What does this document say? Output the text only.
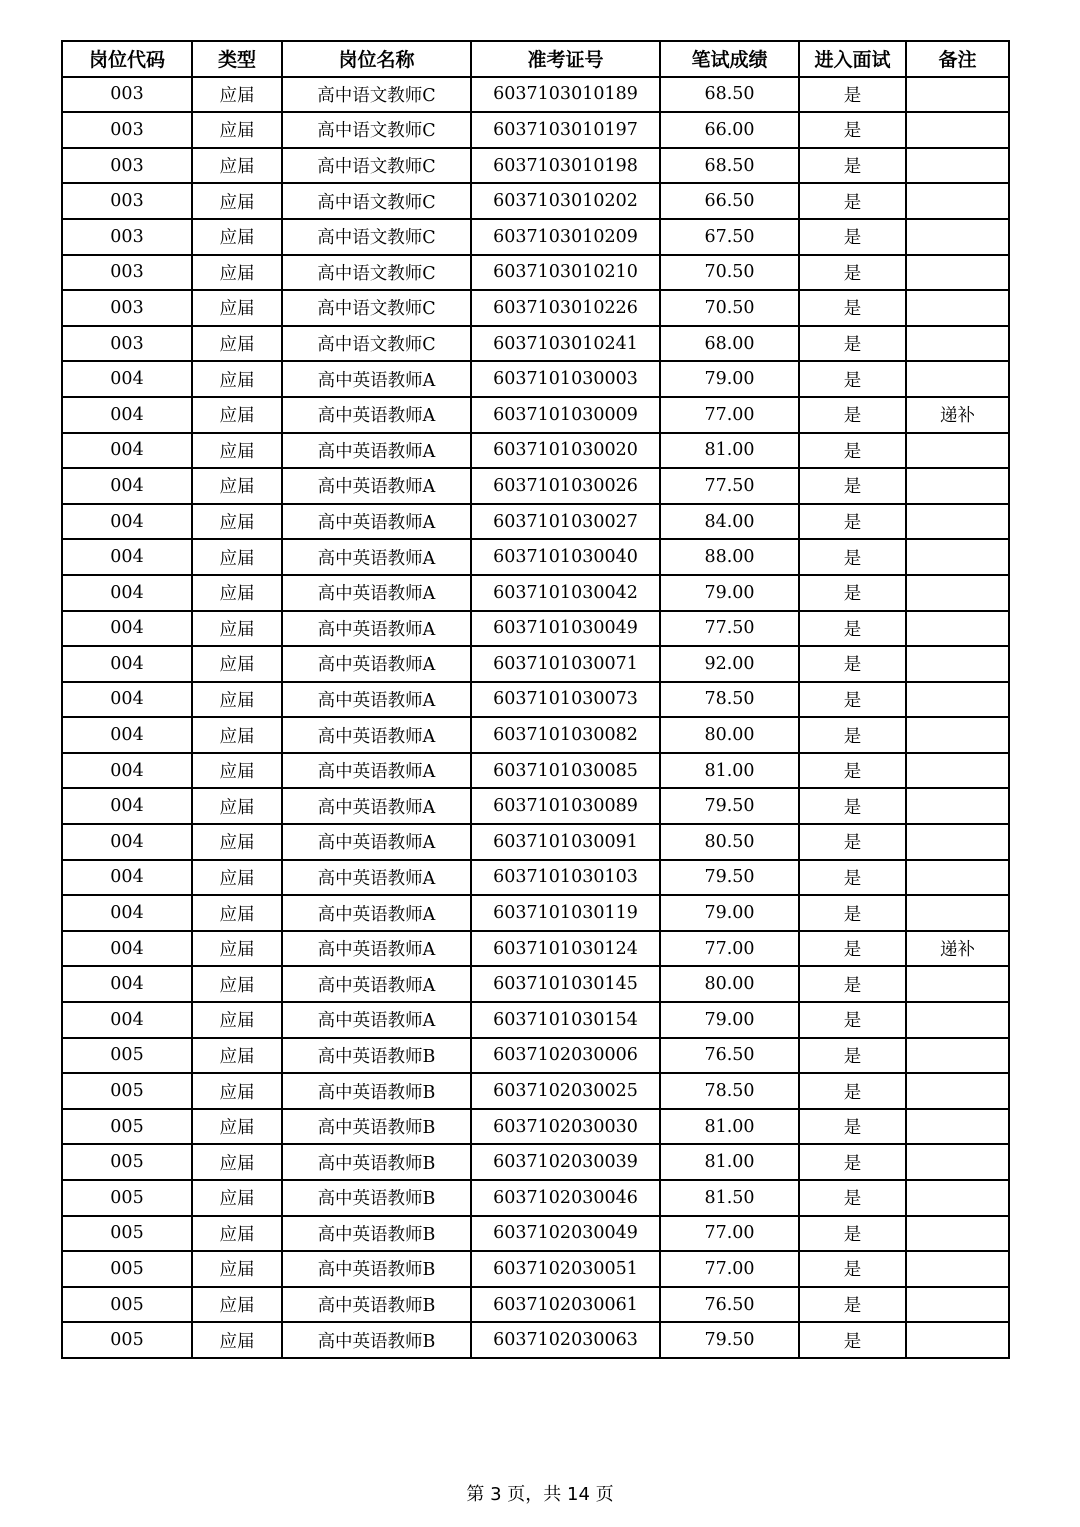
岗位代码	类型	岗位名称	准考证号	笔试成绩	进入面试	备注
003	应届	高中语文教师C	6037103010189	68.50	是	
003	应届	高中语文教师C	6037103010197	66.00	是	
003	应届	高中语文教师C	6037103010198	68.50	是	
003	应届	高中语文教师C	6037103010202	66.50	是	
003	应届	高中语文教师C	6037103010209	67.50	是	
003	应届	高中语文教师C	6037103010210	70.50	是	
003	应届	高中语文教师C	6037103010226	70.50	是	
003	应届	高中语文教师C	6037103010241	68.00	是	
004	应届	高中英语教师A	6037101030003	79.00	是	
004	应届	高中英语教师A	6037101030009	77.00	是	递补
004	应届	高中英语教师A	6037101030020	81.00	是	
004	应届	高中英语教师A	6037101030026	77.50	是	
004	应届	高中英语教师A	6037101030027	84.00	是	
004	应届	高中英语教师A	6037101030040	88.00	是	
004	应届	高中英语教师A	6037101030042	79.00	是	
004	应届	高中英语教师A	6037101030049	77.50	是	
004	应届	高中英语教师A	6037101030071	92.00	是	
004	应届	高中英语教师A	6037101030073	78.50	是	
004	应届	高中英语教师A	6037101030082	80.00	是	
004	应届	高中英语教师A	6037101030085	81.00	是	
004	应届	高中英语教师A	6037101030089	79.50	是	
004	应届	高中英语教师A	6037101030091	80.50	是	
004	应届	高中英语教师A	6037101030103	79.50	是	
004	应届	高中英语教师A	6037101030119	79.00	是	
004	应届	高中英语教师A	6037101030124	77.00	是	递补
004	应届	高中英语教师A	6037101030145	80.00	是	
004	应届	高中英语教师A	6037101030154	79.00	是	
005	应届	高中英语教师B	6037102030006	76.50	是	
005	应届	高中英语教师B	6037102030025	78.50	是	
005	应届	高中英语教师B	6037102030030	81.00	是	
005	应届	高中英语教师B	6037102030039	81.00	是	
005	应届	高中英语教师B	6037102030046	81.50	是	
005	应届	高中英语教师B	6037102030049	77.00	是	
005	应届	高中英语教师B	6037102030051	77.00	是	
005	应届	高中英语教师B	6037102030061	76.50	是	
005	应届	高中英语教师B	6037102030063	79.50	是	
第 3 页，共 14 页
